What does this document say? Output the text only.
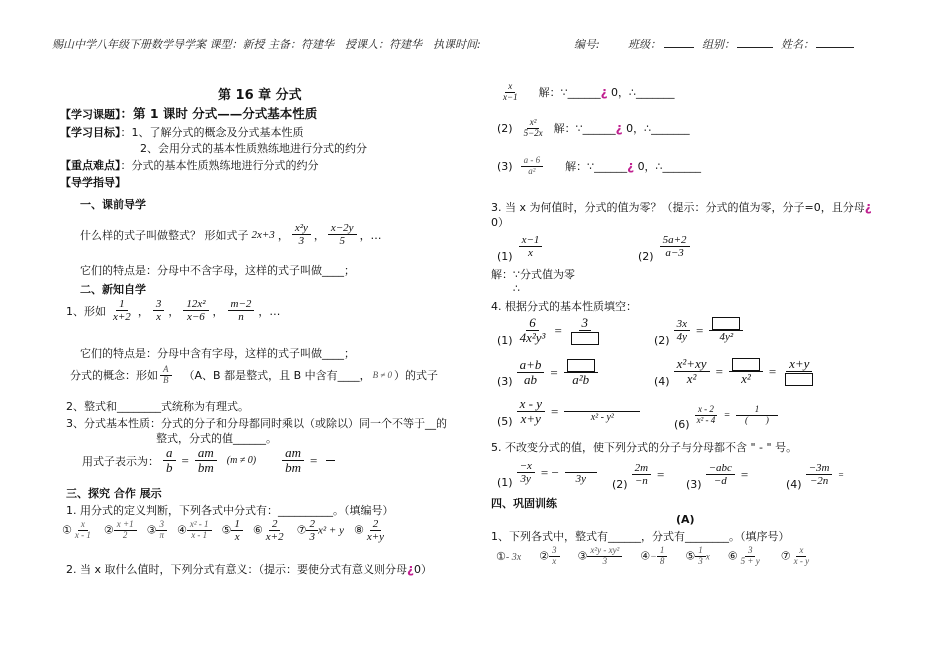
赐山中学八年级下册数学导学案 课型：新授 主备：符建华　授课人：符建华　执课时间:	编号:	班级：	组别：	姓名：
第 16 章 分式
【学习课题】：第 1 课时 分式——分式基本性质
【学习目标】：1、了解分式的概念及分式基本性质
2、会用分式的基本性质熟练地进行分式的约分
【重点难点】：分式的基本性质熟练地进行分式的约分
【导学指导】
一、课前导学
什么样的式子叫做整式？ 形如式子 2x+3 ，
x²y
3 ，
x−2y
5 ，…
它们的特点是：分母中不含字母，这样的式子叫做____；
二、新知自学
1、形如
1
x+2 ，
3
x ，
12x²
x−6 ，
m−2
n ，…
它们的特点是：分母中含有字母，这样的式子叫做____；
分式的概念：形如
A
B （A、B 都是整式，且 B 中含有____， B ≠ 0 ）的式子
2、整式和________式统称为有理式。
3、分式基本性质：分式的分子和分母都同时乘以（或除以）同一个不等于__的
整式，分式的值______。
用式子表示为： $\frac{a}{b} = \frac{am}{bm} (m \ne 0) \frac{am}{bm}$ =

三、探究 合作 展示
1. 用分式的定义判断，下列各式中分式有：__________。（填编号）
① $\frac{x}{x - 1}$ ② $\frac{x +1}{2}$ ③ $\frac{3}{\pi}$ ④ $\frac{\text{x² - 1}}{x - 1}$ ⑤ $\frac{1}{x}$ ⑥ $\frac{2}{x+2}$ ⑦ $\frac{2}{3} x^2 + y$ ⑧ $\frac{2}{x+y}$
2. 当 x 取什么值时，下列分式有意义：（提示：要使分式有意义则分母¿0）
x
x−1 解：∵______¿ 0，∴_______
(2)	x²
5−2x 解：∵______¿ 0，∴_______
(3)	a - 6
a²	解：∵______¿ 0，∴_______
3. 当 x 为何值时，分式的值为零？（提示：分式的值为零，分子=0，且分母¿
0）
(1)
x−1
x	(2)
5a+2
a−3
解：∵分式值为零
∴
4. 根据分式的基本性质填空：
$(1) \frac{6}{\text{4x²y³}}$ =
3
$(2) \frac{3x}{4y} = 4y^2$
$(3) \frac{a+b}{ab}$ =
a²b	$(4) \frac{\text{x²+xy}}{\text{x²}}$ =
x²
=
x+y
$(5) \frac{x - y}{x+y}$ =
	x² - y²
$(6) \frac{x - 2}{\text{x² - 4}}$ =
1
(　　)
5. 不改变分式的值，使下列分式的分子与分母都不含 " - " 号。
$(1) \frac{-x}{3y}$ = −
3y $(2) \frac{2m}{-n}$ =
(3)
−abc
−d =
$(4) \frac{-3m}{-2n}$ =
四、巩固训练
(A)
1、下列各式中，整式有______，分式有________。（填序号）
①- 3x ② $\frac{3}{x}$ ③ $\frac{\text{x²y - xy²}}{3}$ ④− $\frac{1}{8}$ ⑤ $\frac{1}{3}$ x ⑥ $\frac{3}{5 + y}$ ⑦ $\frac{x}{x - y}$
